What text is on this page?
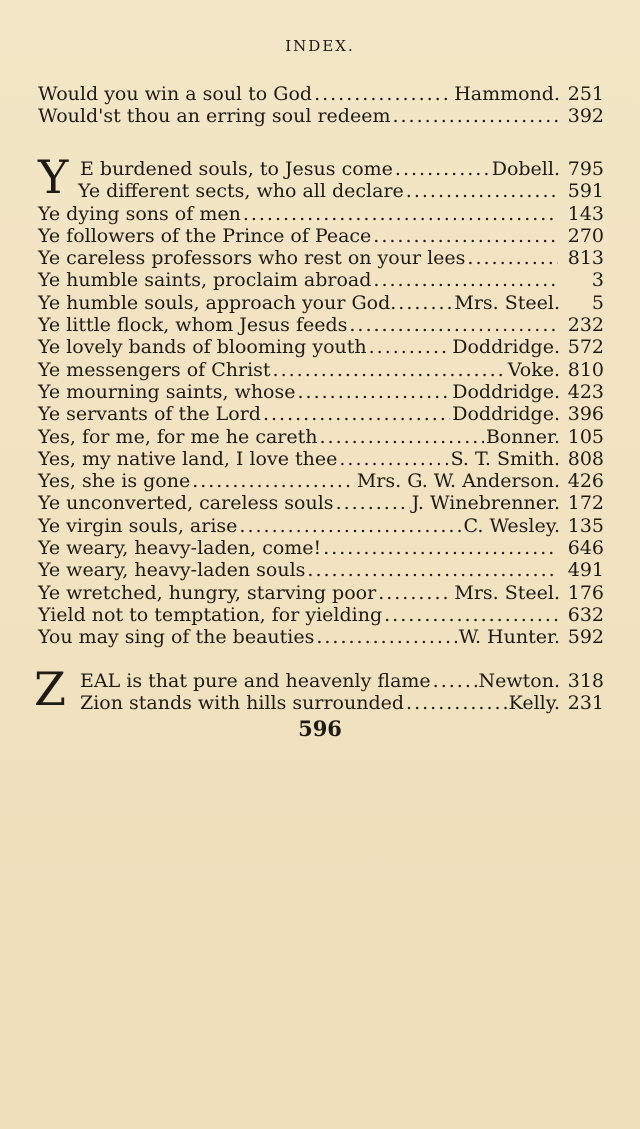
INDEX.
Would you win a soul to God .....	Hammond. 251
Would'st thou an erring soul redeem .....	392
Y E burdened souls, to Jesus come .....	Dobell. 795
Ye different sects, who all declare .....	591
Ye dying sons of men .....	143
Ye followers of the Prince of Peace .....	270
Ye careless professors who rest on your lees .....	813
Ye humble saints, proclaim abroad .....	3
Ye humble souls, approach your God. .....	Mrs. Steel.	5
Ye little flock, whom Jesus feeds .....	232
Ye lovely bands of blooming youth .....	Doddridge. 572
Ye messengers of Christ .....	Voke. 810
Ye mourning saints, whose .....	Doddridge. 423
Ye servants of the Lord .....	Doddridge. 396
Yes, for me, for me he careth .....	Bonner. 105
Yes, my native land, I love thee .....	S. T. Smith. 808
Yes, she is gone .....	Mrs. G. W. Anderson. 426
Ye unconverted, careless souls .....	J. Winebrenner. 172
Ye virgin souls, arise .....	C. Wesley. 135
Ye weary, heavy-laden, come! .....	646
Ye weary, heavy-laden souls .....	491
Ye wretched, hungry, starving poor .....	Mrs. Steel. 176
Yield not to temptation, for yielding .....	632
You may sing of the beauties .....	W. Hunter. 592
Z EAL is that pure and heavenly flame .....	Newton. 318
Zion stands with hills surrounded .....	Kelly. 231
596
